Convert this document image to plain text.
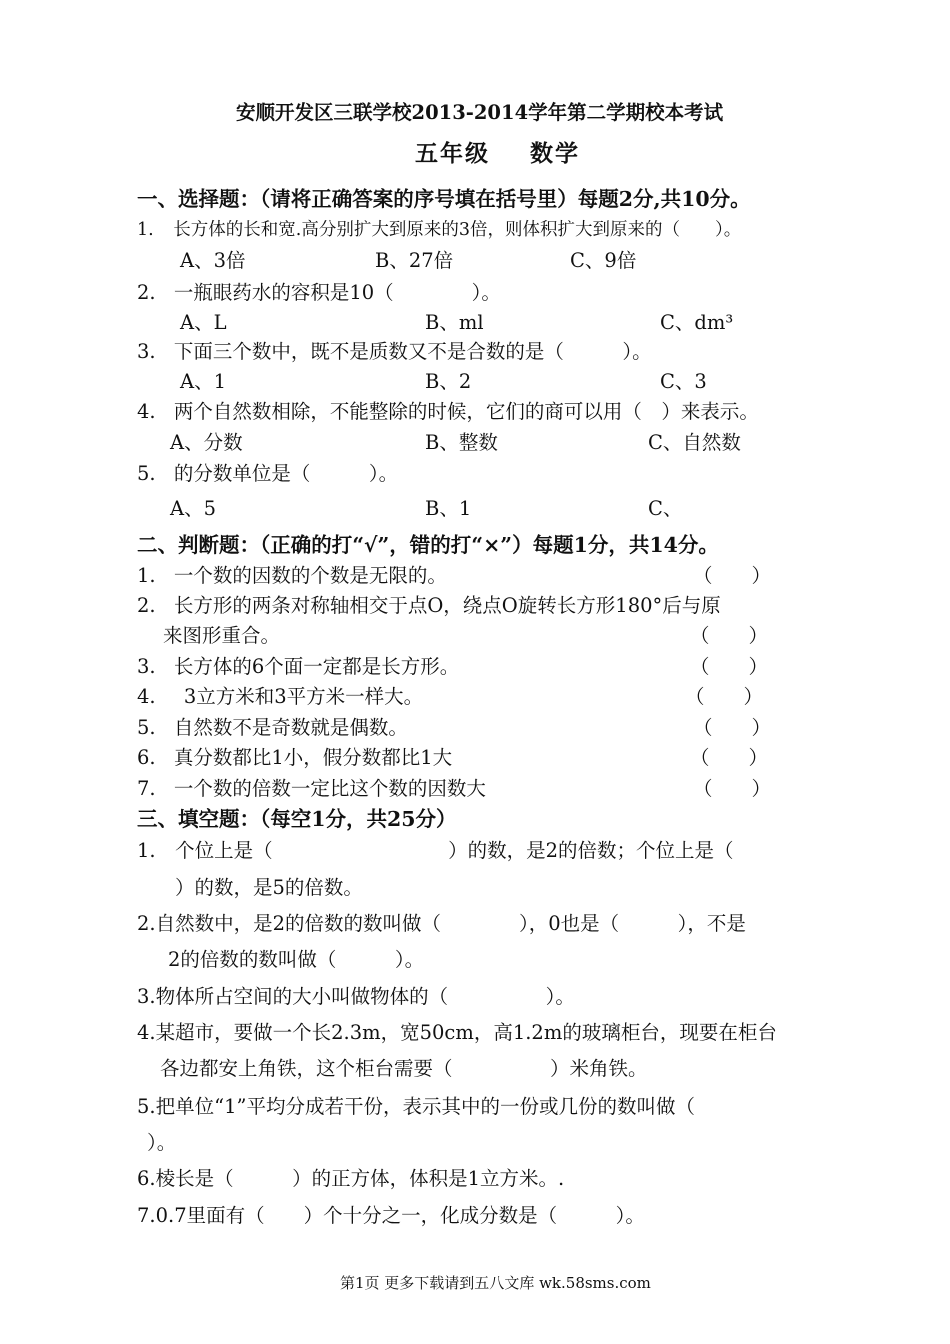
安顺开发区三联学校2013-2014学年第二学期校本考试
五年级 数学
一、选择题：（请将正确答案的序号填在括号里）每题2分,共10分。
1. 长方体的长和宽.高分别扩大到原来的3倍，则体积扩大到原来的（　　）。
A、3倍	B、27倍	C、9倍
2. 一瓶眼药水的容积是10（　　　　）。
A、L	B、ml	C、dm³
3. 下面三个数中，既不是质数又不是合数的是（　　　）。
A、1	B、2	C、3
4. 两个自然数相除，不能整除的时候，它们的商可以用（　）来表示。
A、分数	B、整数	C、自然数
5. 的分数单位是（　　　）。
A、5	B、1	C、
二、判断题：（正确的打“√”，错的打“×”）每题1分，共14分。
1. 一个数的因数的个数是无限的。	（　　）
2. 长方形的两条对称轴相交于点O，绕点O旋转长方形180°后与原
来图形重合。	（　　）
3. 长方体的6个面一定都是长方形。	（　　）
4. 3立方米和3平方米一样大。	（　　）
5. 自然数不是奇数就是偶数。	（　　）
6. 真分数都比1小，假分数都比1大	（　　）
7. 一个数的倍数一定比这个数的因数大	（　　）
三、填空题：（每空1分，共25分）
1.　个位上是（　　　　　　　　　）的数，是2的倍数；个位上是（
）的数，是5的倍数。
2.自然数中，是2的倍数的数叫做（　　　　），0也是（　　　），不是
2的倍数的数叫做（　　　）。
3.物体所占空间的大小叫做物体的（　　　　　）。
4.某超市，要做一个长2.3m，宽50cm，高1.2m的玻璃柜台，现要在柜台
各边都安上角铁，这个柜台需要（　　　　　）米角铁。
5.把单位“1”平均分成若干份，表示其中的一份或几份的数叫做（
）。
6.棱长是（　　　）的正方体，体积是1立方米。.
7.0.7里面有（　　）个十分之一，化成分数是（　　　）。
第1页 更多下载请到五八文库 wk.58sms.com
